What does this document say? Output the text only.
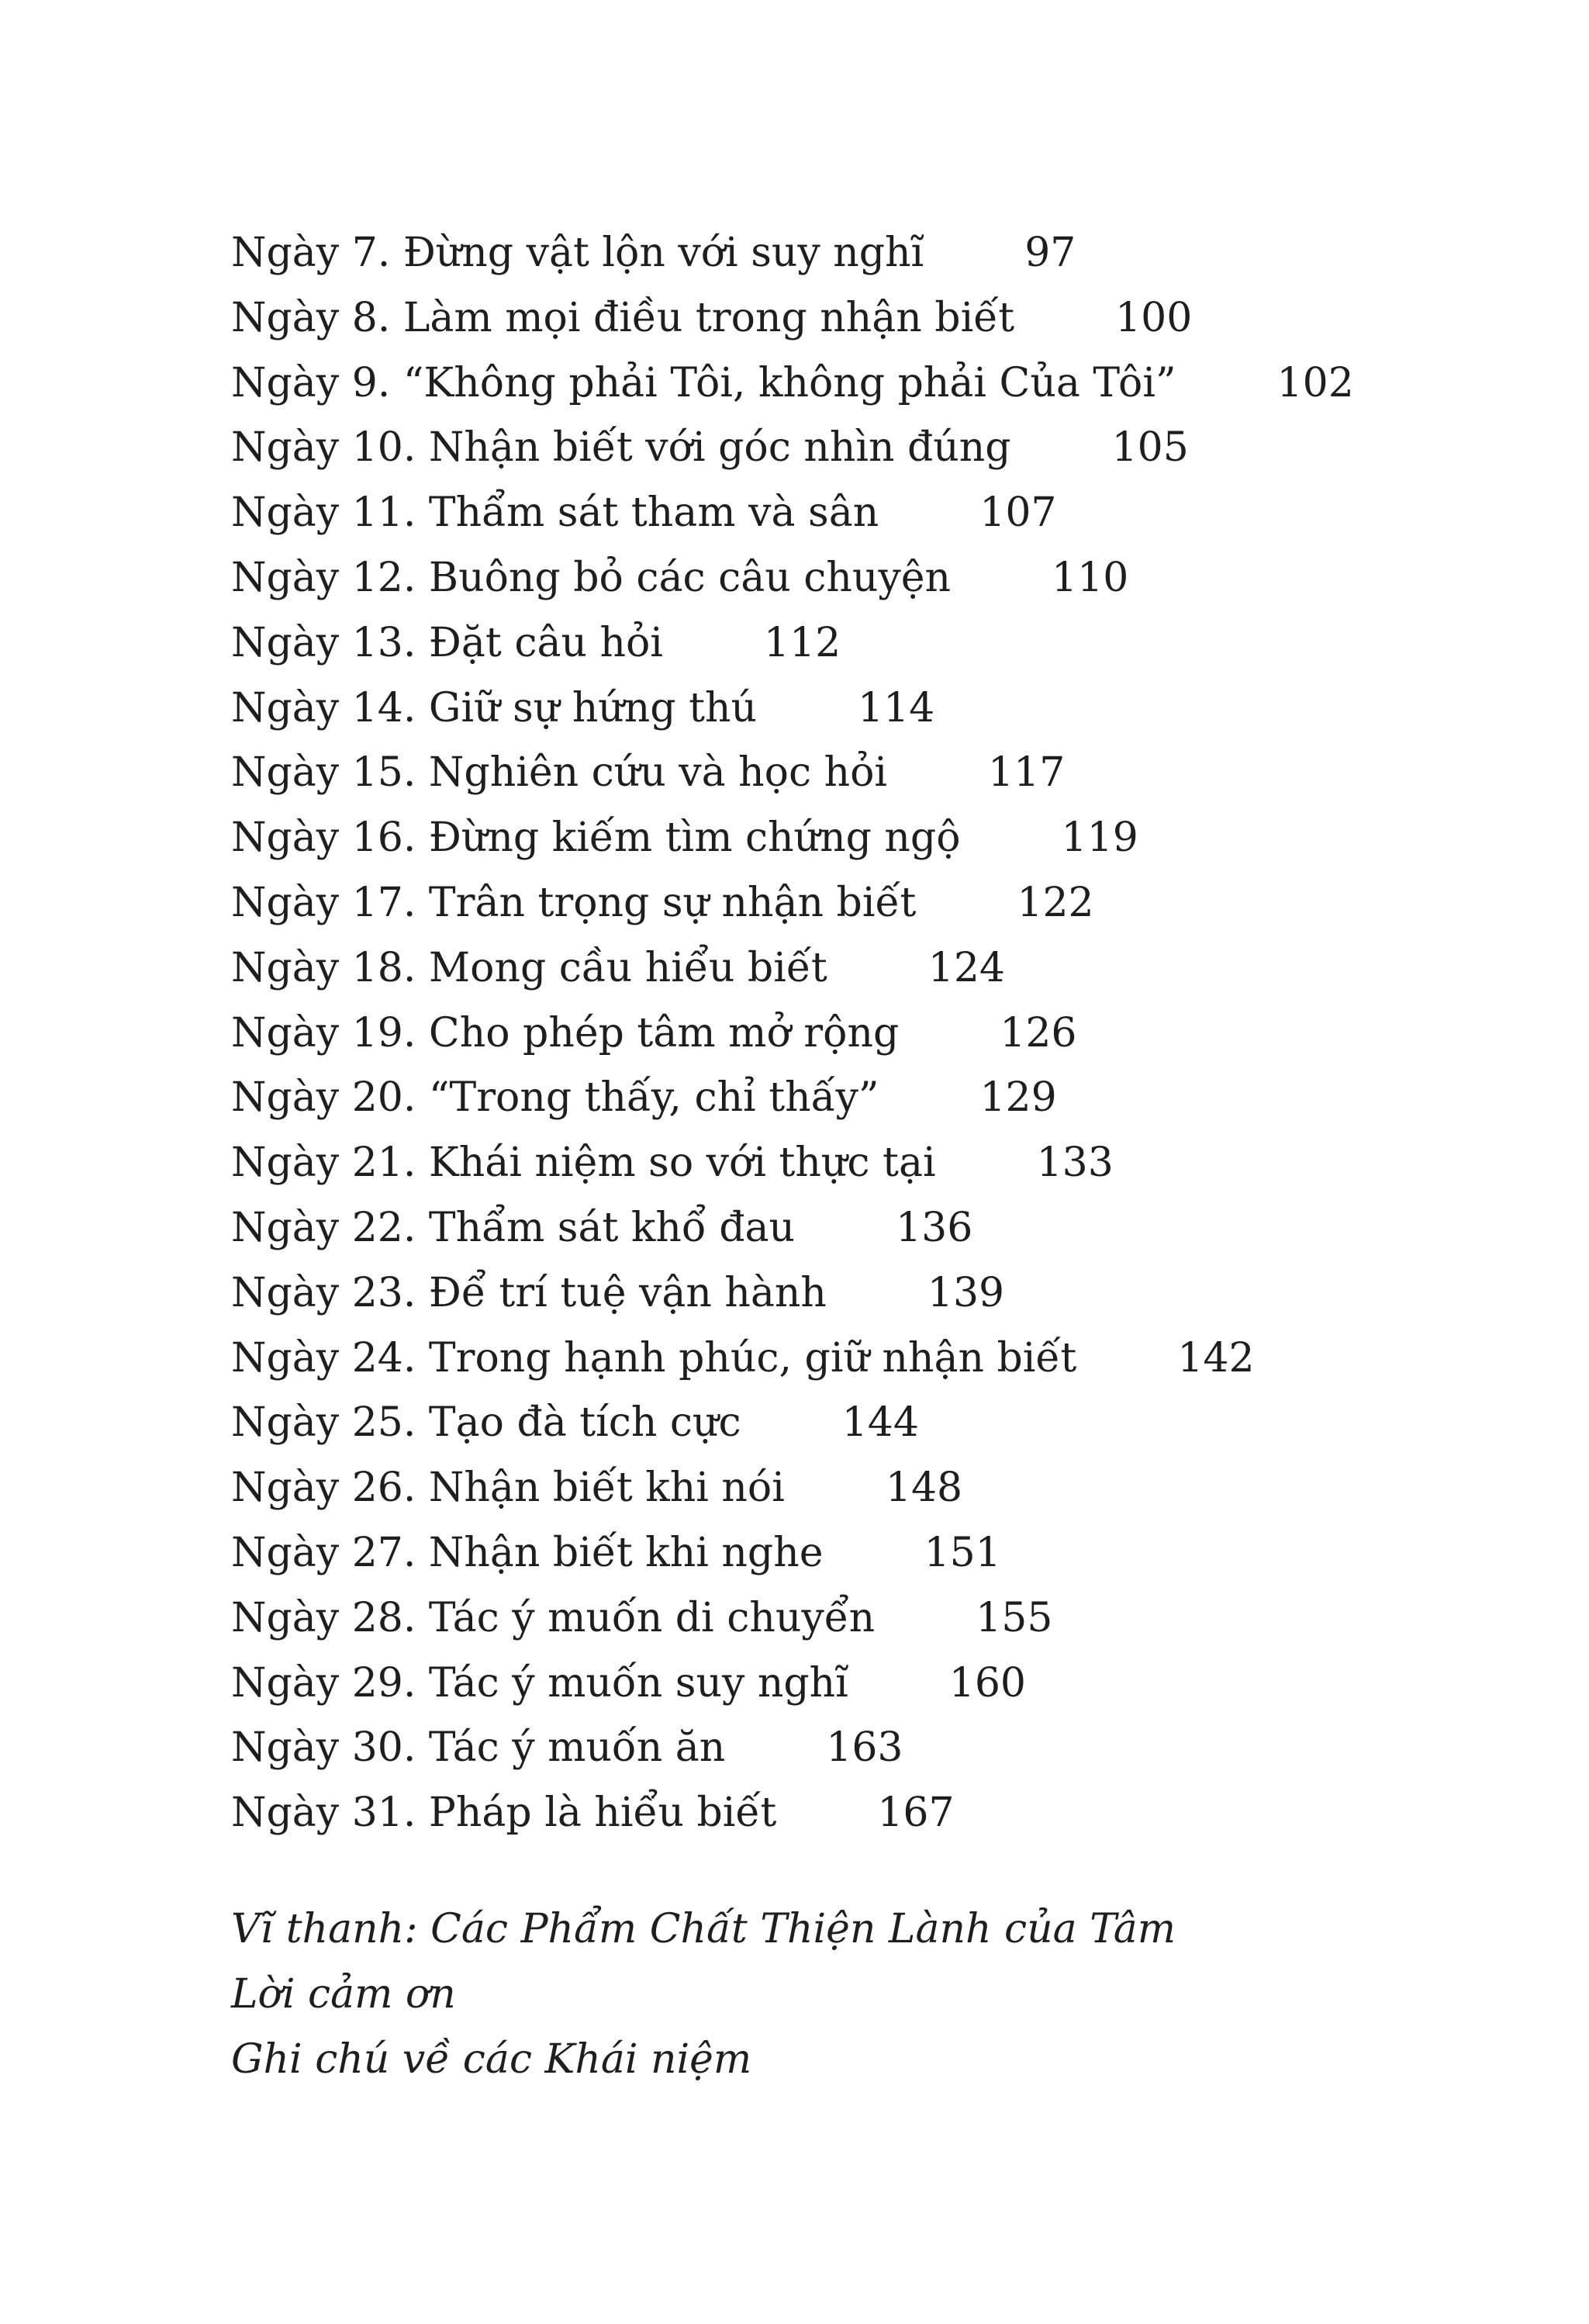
Ngày 7. Đừng vật lộn với suy nghĩ	97
Ngày 8. Làm mọi điều trong nhận biết	100
Ngày 9. “Không phải Tôi, không phải Của Tôi”	102
Ngày 10. Nhận biết với góc nhìn đúng	105
Ngày 11. Thẩm sát tham và sân	107
Ngày 12. Buông bỏ các câu chuyện	110
Ngày 13. Đặt câu hỏi	112
Ngày 14. Giữ sự hứng thú	114
Ngày 15. Nghiên cứu và học hỏi	117
Ngày 16. Đừng kiếm tìm chứng ngộ	119
Ngày 17. Trân trọng sự nhận biết	122
Ngày 18. Mong cầu hiểu biết	124
Ngày 19. Cho phép tâm mở rộng	126
Ngày 20. “Trong thấy, chỉ thấy”	129
Ngày 21. Khái niệm so với thực tại	133
Ngày 22. Thẩm sát khổ đau	136
Ngày 23. Để trí tuệ vận hành	139
Ngày 24. Trong hạnh phúc, giữ nhận biết	142
Ngày 25. Tạo đà tích cực	144
Ngày 26. Nhận biết khi nói	148
Ngày 27. Nhận biết khi nghe	151
Ngày 28. Tác ý muốn di chuyển	155
Ngày 29. Tác ý muốn suy nghĩ	160
Ngày 30. Tác ý muốn ăn	163
Ngày 31. Pháp là hiểu biết	167
Vĩ thanh: Các Phẩm Chất Thiện Lành của Tâm
Lời cảm ơn
Ghi chú về các Khái niệm
